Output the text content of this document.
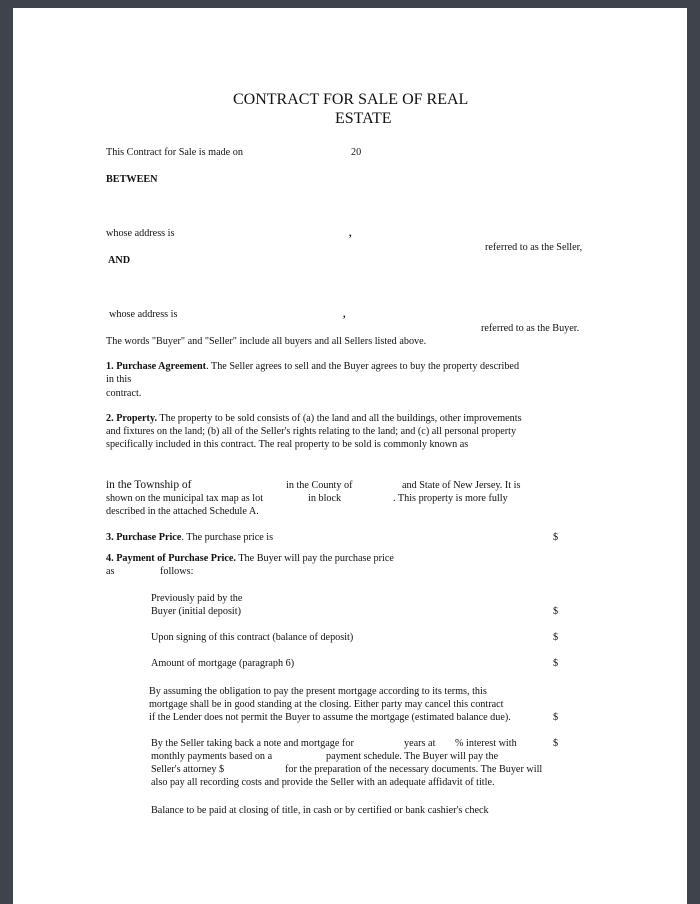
CONTRACT FOR SALE OF REAL
ESTATE
This Contract for Sale is made on	20
BETWEEN
whose address is	,
referred to as the Seller,
AND
whose address is	,
referred to as the Buyer.
The words "Buyer" and "Seller" include all buyers and all Sellers listed above.
1. Purchase Agreement. The Seller agrees to sell and the Buyer agrees to buy the property described
in this
contract.
2. Property. The property to be sold consists of (a) the land and all the buildings, other improvements
and fixtures on the land; (b) all of the Seller's rights relating to the land; and (c) all personal property
specifically included in this contract. The real property to be sold is commonly known as
in the Township of	in the County of	and State of New Jersey. It is
shown on the municipal tax map as lot	in block	. This property is more fully
described in the attached Schedule A.
3. Purchase Price. The purchase price is	$
4. Payment of Purchase Price. The Buyer will pay the purchase price
as	follows:
Previously paid by the
Buyer (initial deposit)	$
Upon signing of this contract (balance of deposit)	$
Amount of mortgage (paragraph 6)	$
By assuming the obligation to pay the present mortgage according to its terms, this
mortgage shall be in good standing at the closing. Either party may cancel this contract
if the Lender does not permit the Buyer to assume the mortgage (estimated balance due).	$
By the Seller taking back a note and mortgage for	years at % interest with	$
monthly payments based on a	payment schedule. The Buyer will pay the
Seller's attorney $	for the preparation of the necessary documents. The Buyer will
also pay all recording costs and provide the Seller with an adequate affidavit of title.
Balance to be paid at closing of title, in cash or by certified or bank cashier's check
